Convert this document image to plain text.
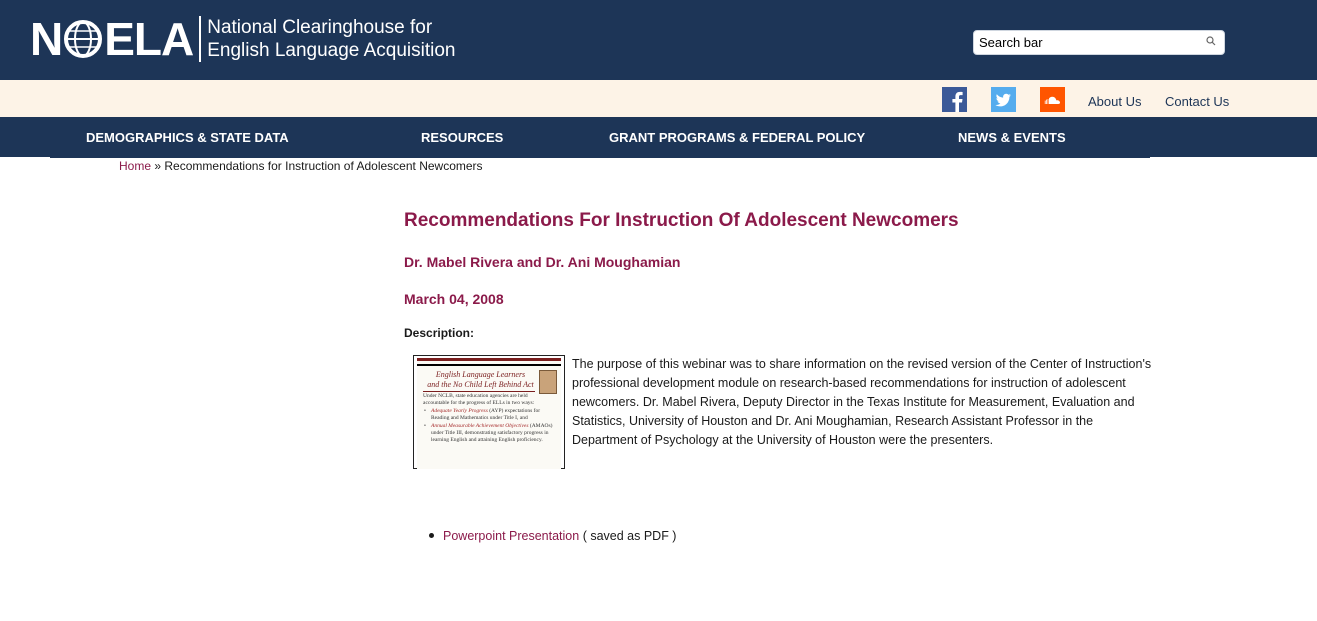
N ELA National Clearinghouse for
English Language Acquisition
Search bar
About Us Contact Us
DEMOGRAPHICS & STATE DATA	RESOURCES	GRANT PROGRAMS & FEDERAL POLICY	NEWS & EVENTS
Home » Recommendations for Instruction of Adolescent Newcomers
Recommendations For Instruction Of Adolescent Newcomers
Dr. Mabel Rivera and Dr. Ani Moughamian
March 04, 2008
Description:
English Language Learners
and the No Child Left Behind Act
Under NCLB, state education agencies are held accountable for the progress of ELLs in two ways:
• Adequate Yearly Progress (AYP) expectations for Reading and Mathematics under Title I, and
• Annual Measurable Achievement Objectives (AMAOs) under Title III, demonstrating satisfactory progress in learning English and attaining English proficiency.

The purpose of this webinar was to share information on the revised version of the Center of Instruction's professional development module on research-based recommendations for instruction of adolescent newcomers. Dr. Mabel Rivera, Deputy Director in the Texas Institute for Measurement, Evaluation and Statistics, University of Houston and Dr. Ani Moughamian, Research Assistant Professor in the Department of Psychology at the University of Houston were the presenters.

Powerpoint Presentation ( saved as PDF )
